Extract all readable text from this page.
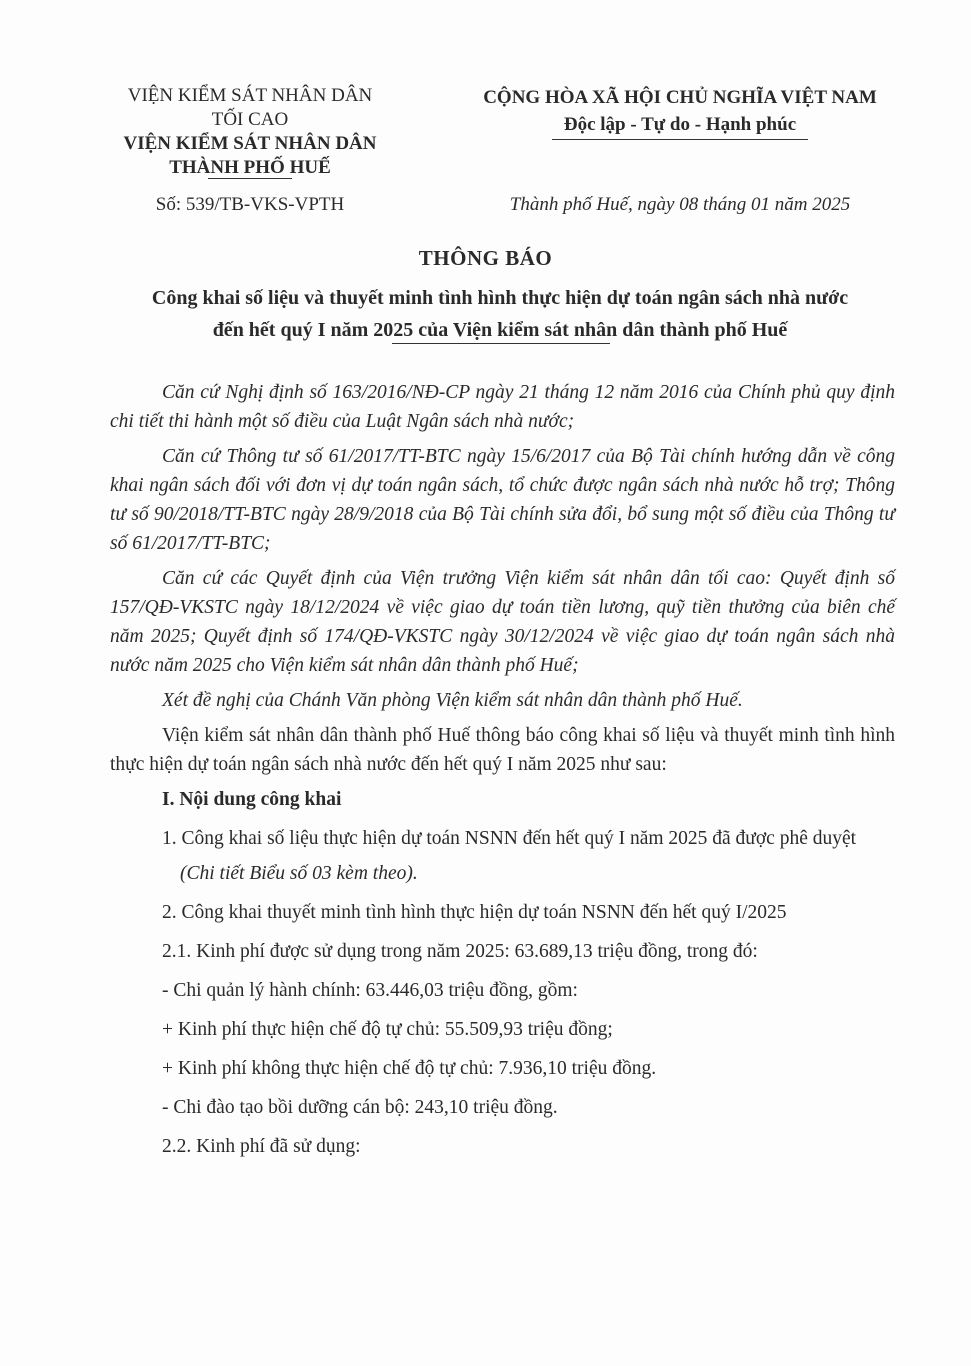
VIỆN KIỂM SÁT NHÂN DÂN
TỐI CAO
VIỆN KIỂM SÁT NHÂN DÂN
THÀNH PHỐ HUẾ
CỘNG HÒA XÃ HỘI CHỦ NGHĨA VIỆT NAM
Độc lập - Tự do - Hạnh phúc
Số: 539/TB-VKS-VPTH	Thành phố Huế, ngày 08 tháng 01 năm 2025
THÔNG BÁO
Công khai số liệu và thuyết minh tình hình thực hiện dự toán ngân sách nhà nước
đến hết quý I năm 2025 của Viện kiểm sát nhân dân thành phố Huế

Căn cứ Nghị định số 163/2016/NĐ-CP ngày 21 tháng 12 năm 2016 của Chính phủ quy định chi tiết thi hành một số điều của Luật Ngân sách nhà nước;

Căn cứ Thông tư số 61/2017/TT-BTC ngày 15/6/2017 của Bộ Tài chính hướng dẫn về công khai ngân sách đối với đơn vị dự toán ngân sách, tổ chức được ngân sách nhà nước hỗ trợ; Thông tư số 90/2018/TT-BTC ngày 28/9/2018 của Bộ Tài chính sửa đổi, bổ sung một số điều của Thông tư số 61/2017/TT-BTC;

Căn cứ các Quyết định của Viện trưởng Viện kiểm sát nhân dân tối cao: Quyết định số 157/QĐ-VKSTC ngày 18/12/2024 về việc giao dự toán tiền lương, quỹ tiền thưởng của biên chế năm 2025; Quyết định số 174/QĐ-VKSTC ngày 30/12/2024 về việc giao dự toán ngân sách nhà nước năm 2025 cho Viện kiểm sát nhân dân thành phố Huế;

Xét đề nghị của Chánh Văn phòng Viện kiểm sát nhân dân thành phố Huế.

Viện kiểm sát nhân dân thành phố Huế thông báo công khai số liệu và thuyết minh tình hình thực hiện dự toán ngân sách nhà nước đến hết quý I năm 2025 như sau:

I. Nội dung công khai

1. Công khai số liệu thực hiện dự toán NSNN đến hết quý I năm 2025 đã được phê duyệt

(Chi tiết Biểu số 03 kèm theo).

2. Công khai thuyết minh tình hình thực hiện dự toán NSNN đến hết quý I/2025

2.1. Kinh phí được sử dụng trong năm 2025: 63.689,13 triệu đồng, trong đó:

- Chi quản lý hành chính: 63.446,03 triệu đồng, gồm:

+ Kinh phí thực hiện chế độ tự chủ: 55.509,93 triệu đồng;

+ Kinh phí không thực hiện chế độ tự chủ: 7.936,10 triệu đồng.

- Chi đào tạo bồi dưỡng cán bộ: 243,10 triệu đồng.

2.2. Kinh phí đã sử dụng:
